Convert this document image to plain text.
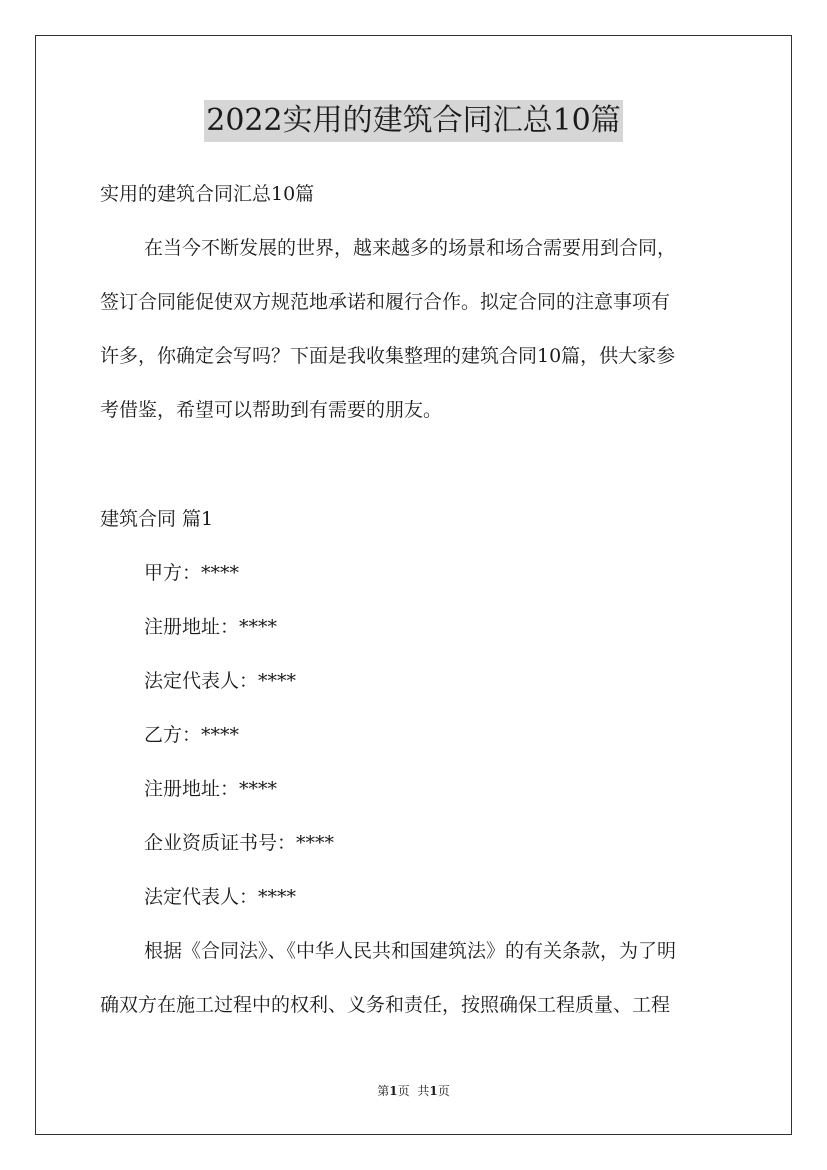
2022实用的建筑合同汇总10篇
实用的建筑合同汇总10篇
在当今不断发展的世界，越来越多的场景和场合需要用到合同，
签订合同能促使双方规范地承诺和履行合作。拟定合同的注意事项有
许多，你确定会写吗？下面是我收集整理的建筑合同10篇，供大家参
考借鉴，希望可以帮助到有需要的朋友。
建筑合同 篇1
甲方：****
注册地址：****
法定代表人：****
乙方：****
注册地址：****
企业资质证书号：****
法定代表人：****
根据《合同法》、《中华人民共和国建筑法》的有关条款，为了明
确双方在施工过程中的权利、义务和责任，按照确保工程质量、工程
第1页 共1页
